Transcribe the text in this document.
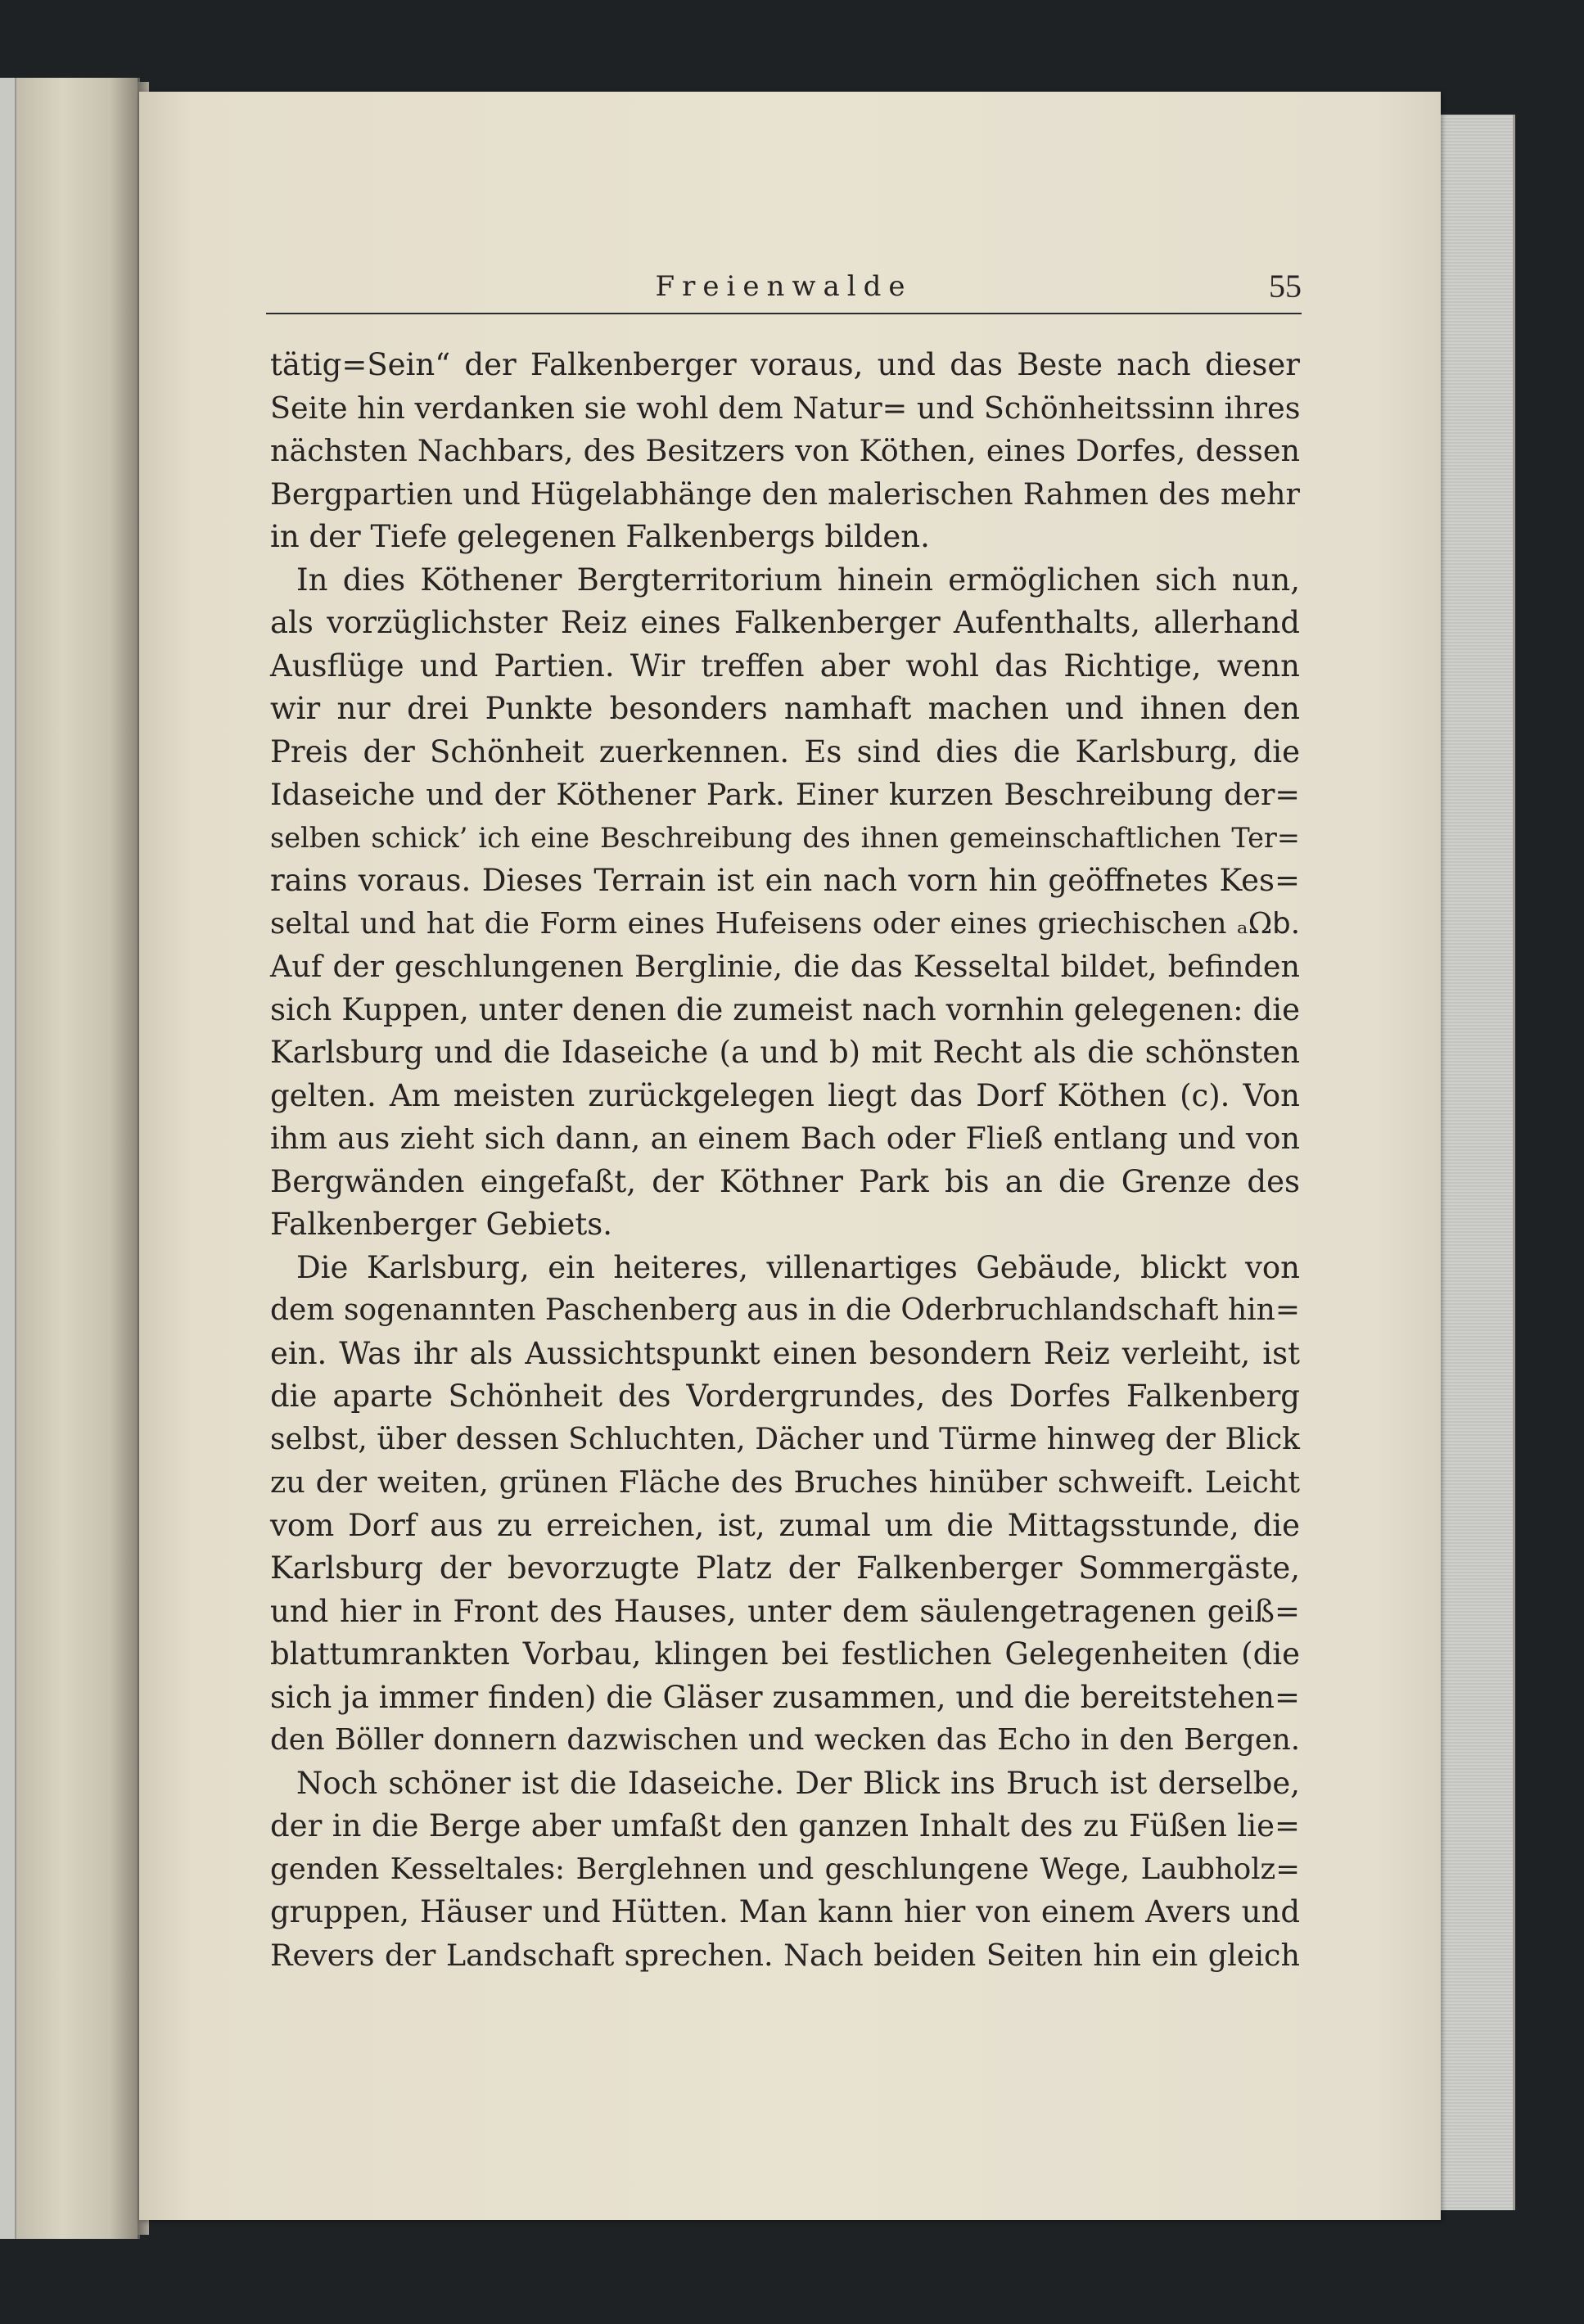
Freienwalde	55
tätig=Sein“ der Falkenberger voraus, und das Beste nach dieser
Seite hin verdanken sie wohl dem Natur= und Schönheitssinn ihres
nächsten Nachbars, des Besitzers von Köthen, eines Dorfes, dessen
Bergpartien und Hügelabhänge den malerischen Rahmen des mehr
in der Tiefe gelegenen Falkenbergs bilden.
In dies Köthener Bergterritorium hinein ermöglichen sich nun,
als vorzüglichster Reiz eines Falkenberger Aufenthalts, allerhand
Ausflüge und Partien. Wir treffen aber wohl das Richtige, wenn
wir nur drei Punkte besonders namhaft machen und ihnen den
Preis der Schönheit zuerkennen. Es sind dies die Karlsburg, die
Idaseiche und der Köthener Park. Einer kurzen Beschreibung der=
selben schick’ ich eine Beschreibung des ihnen gemeinschaftlichen Ter=
rains voraus. Dieses Terrain ist ein nach vorn hin geöffnetes Kes=
seltal und hat die Form eines Hufeisens oder eines griechischen ₐΩ𝖻.
Auf der geschlungenen Berglinie, die das Kesseltal bildet, befinden
sich Kuppen, unter denen die zumeist nach vornhin gelegenen: die
Karlsburg und die Idaseiche (a und b) mit Recht als die schönsten
gelten. Am meisten zurückgelegen liegt das Dorf Köthen (c). Von
ihm aus zieht sich dann, an einem Bach oder Fließ entlang und von
Bergwänden eingefaßt, der Köthner Park bis an die Grenze des
Falkenberger Gebiets.
Die Karlsburg, ein heiteres, villenartiges Gebäude, blickt von
dem sogenannten Paschenberg aus in die Oderbruchlandschaft hin=
ein. Was ihr als Aussichtspunkt einen besondern Reiz verleiht, ist
die aparte Schönheit des Vordergrundes, des Dorfes Falkenberg
selbst, über dessen Schluchten, Dächer und Türme hinweg der Blick
zu der weiten, grünen Fläche des Bruches hinüber schweift. Leicht
vom Dorf aus zu erreichen, ist, zumal um die Mittagsstunde, die
Karlsburg der bevorzugte Platz der Falkenberger Sommergäste,
und hier in Front des Hauses, unter dem säulengetragenen geiß=
blattumrankten Vorbau, klingen bei festlichen Gelegenheiten (die
sich ja immer finden) die Gläser zusammen, und die bereitstehen=
den Böller donnern dazwischen und wecken das Echo in den Bergen.
Noch schöner ist die Idaseiche. Der Blick ins Bruch ist derselbe,
der in die Berge aber umfaßt den ganzen Inhalt des zu Füßen lie=
genden Kesseltales: Berglehnen und geschlungene Wege, Laubholz=
gruppen, Häuser und Hütten. Man kann hier von einem Avers und
Revers der Landschaft sprechen. Nach beiden Seiten hin ein gleich
